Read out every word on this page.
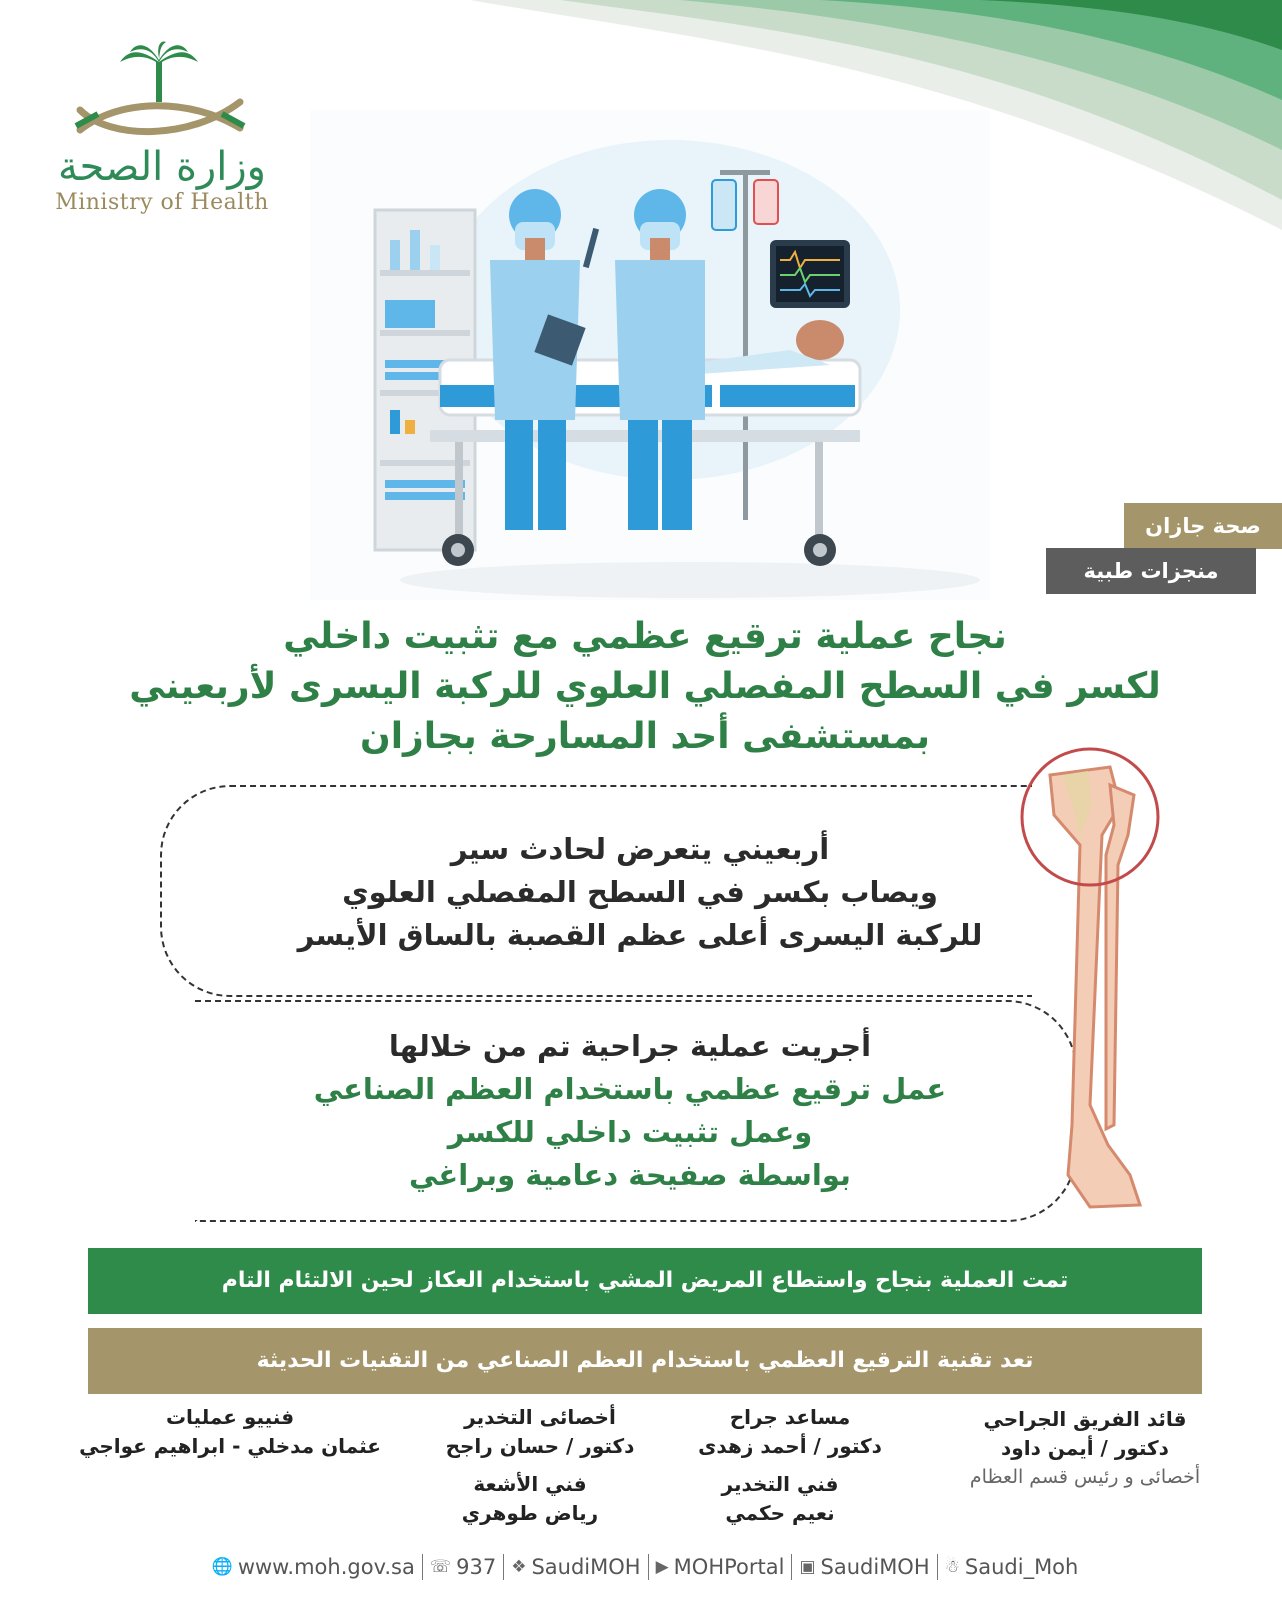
وزارة الصحة
Ministry of Health
صحة جازان
منجزات طبية
نجاح عملية ترقيع عظمي مع تثبيت داخلي
لكسر في السطح المفصلي العلوي للركبة اليسرى لأربعيني
بمستشفى أحد المسارحة بجازان
أربعيني يتعرض لحادث سير
ويصاب بكسر في السطح المفصلي العلوي
للركبة اليسرى أعلى عظم القصبة بالساق الأيسر
أجريت عملية جراحية تم من خلالها
عمل ترقيع عظمي باستخدام العظم الصناعي
وعمل تثبيت داخلي للكسر
بواسطة صفيحة دعامية وبراغي
تمت العملية بنجاح واستطاع المريض المشي باستخدام العكاز لحين الالتئام التام
تعد تقنية الترقيع العظمي باستخدام العظم الصناعي من التقنيات الحديثة
قائد الفريق الجراحي
دكتور / أيمن داود
أخصائى و رئيس قسم العظام
مساعد جراح
دكتور / أحمد زهدى
أخصائى التخدير
دكتور / حسان راجح
فنييو عمليات
عثمان مدخلي - ابراهيم عواجي
فني التخدير
نعيم حكمي
فني الأشعة
رياض طوهري
🌐 www.moh.gov.sa ☏ 937 ❖ SaudiMOH ▶ MOHPortal ▣ SaudiMOH ☃ Saudi_Moh
